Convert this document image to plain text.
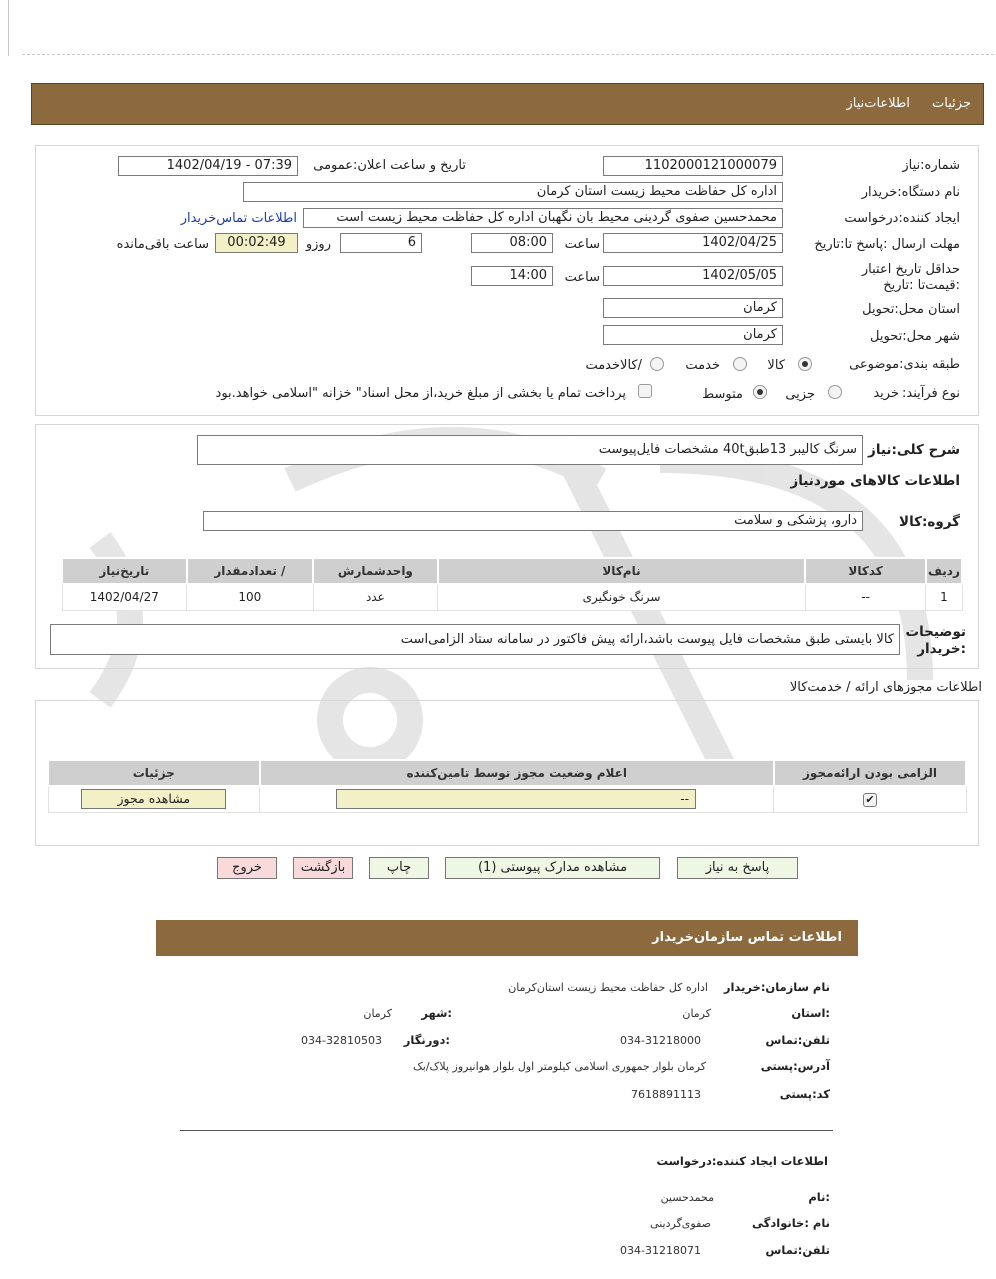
جزئیات اطلاعات‌نیاز
شماره:نیاز
1102000121000079
تاریخ و ساعت اعلان:عمومی
1402/04/19 - 07:39
نام دستگاه:خریدار
اداره کل حفاظت محیط زیست استان کرمان
ایجاد کننده:درخواست
محمدحسین صفوی گردینی محیط بان نگهبان اداره کل حفاظت محیط زیست است
اطلاعات تماس‌خریدار
مهلت ارسال :پاسخ تا:تاریخ
1402/04/25
ساعت
08:00
6
روزو
00:02:49
ساعت باقی‌مانده
حداقل تاریخ اعتبار :قیمت‌تا :تاریخ
1402/05/05
ساعت
14:00
استان محل:تحویل
کرمان
شهر محل:تحویل
کرمان
طبقه بندی:موضوعی
کالا
خدمت
/کالاخدمت
نوع فرآیند:
خرید
جزیی
متوسط
پرداخت تمام یا بخشی از مبلغ خرید،از محل اسناد" خزانه "اسلامی خواهد.بود
شرح کلی:نیاز
سرنگ کالیبر 13طبق40t مشخصات فایل‌پیوست
اطلاعات کالاهای موردنیاز
گروه:کالا
دارو، پزشکی و سلامت
ردیف	کدکالا	نام‌کالا	واحدشمارش	/ تعدادمقدار	تاریخ‌نیاز
1	--	سرنگ خونگیری	عدد	100	1402/04/27
توضیحات :خریدار
کالا بایستی طبق مشخصات فایل پیوست باشد،ارائه پیش فاکتور در سامانه ستاد الزامی‌است
اطلاعات مجوزهای ارائه / خدمت‌کالا
الزامی بودن ارائه‌مجوز	اعلام وضعیت مجوز توسط تامین‌کننده	جزئیات
✔	--	مشاهده مجوز
پاسخ به نیاز
مشاهده مدارک پیوستی (1)
چاپ
بازگشت
خروج
اطلاعات تماس سازمان‌خریدار
نام سازمان:خریدار
اداره کل حفاظت محیط زیست استان‌کرمان
:استان
کرمان
:شهر
کرمان
تلفن:تماس
034-31218000
:دورنگار
034-32810503
آدرس:پستی
کرمان بلوار جمهوری اسلامی کیلومتر اول بلوار هوانیروز پلاک/بک
کد:پستی
7618891113
اطلاعات ایجاد کننده:درخواست
:نام
محمدحسین
نام :خانوادگی
صفوی‌گردینی
تلفن:تماس
034-31218071
